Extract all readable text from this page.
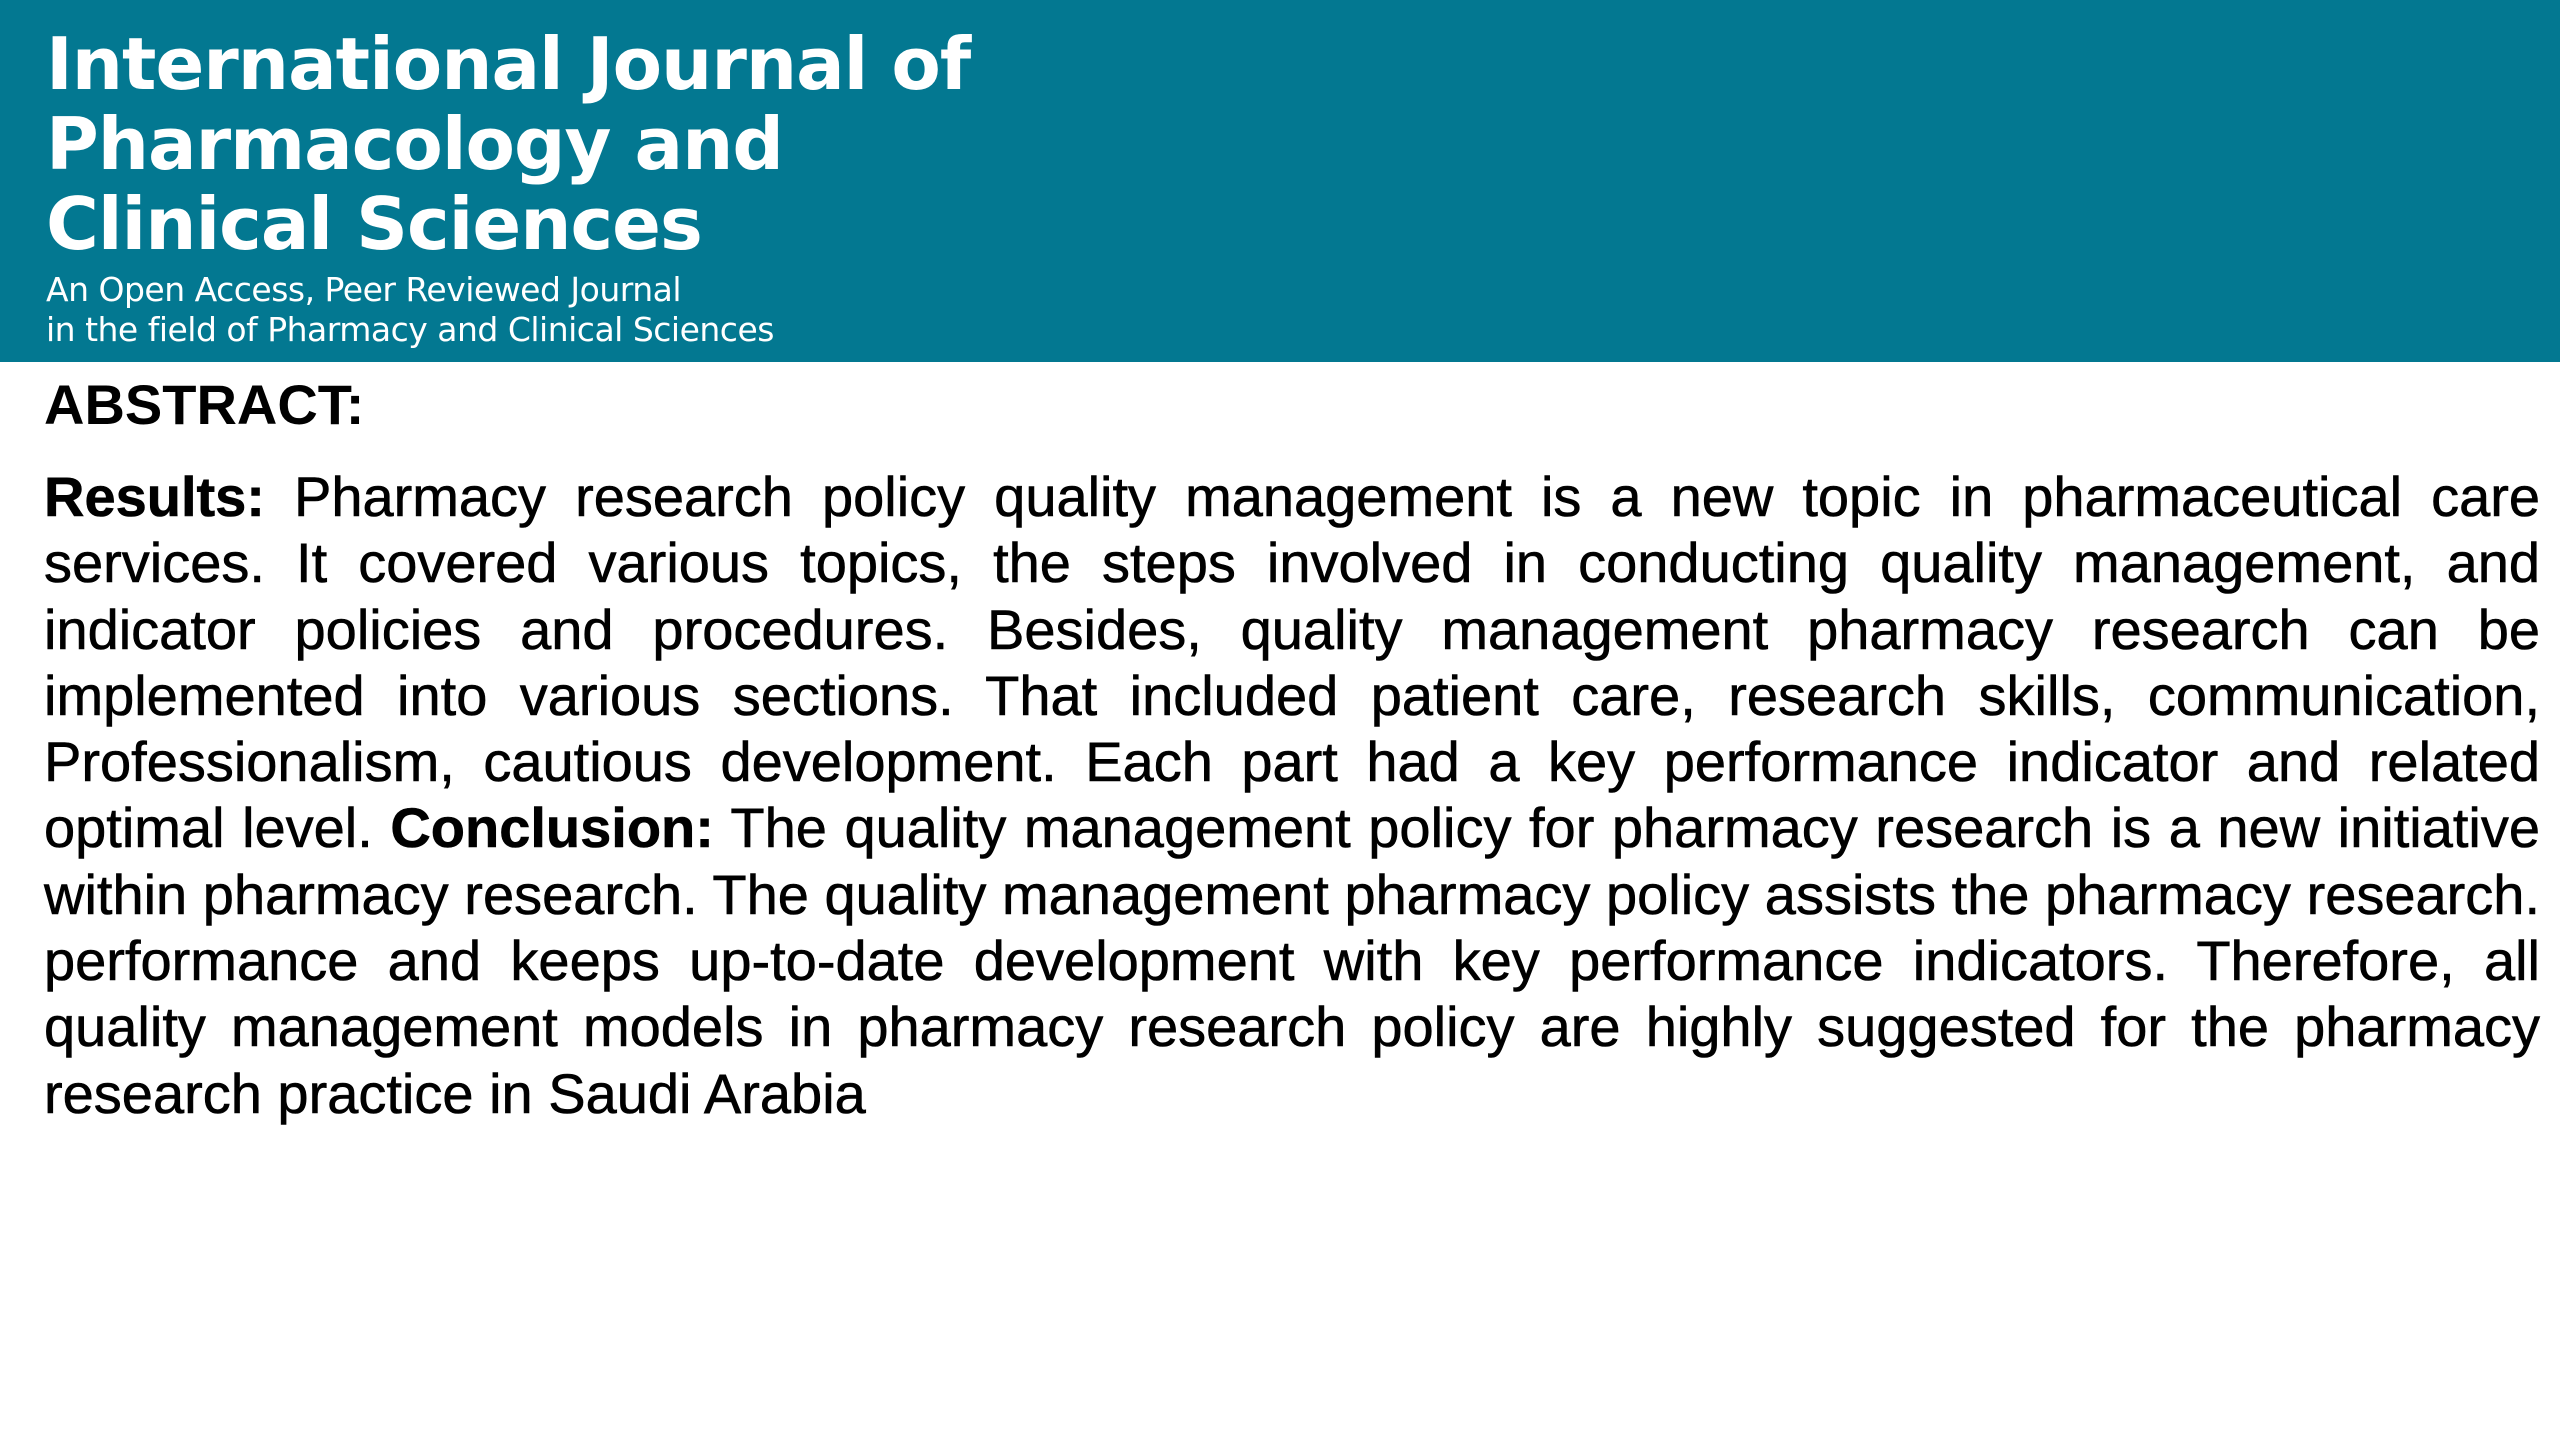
International Journal of
Pharmacology and
Clinical Sciences

An Open Access, Peer Reviewed Journal
in the field of Pharmacy and Clinical Sciences

ABSTRACT:

Results: Pharmacy research policy quality management is a new topic in pharmaceutical care services. It covered various topics, the steps involved in conducting quality management, and indicator policies and procedures. Besides, quality management pharmacy research can be implemented into various sections. That included patient care, research skills, communication, Professionalism, cautious development. Each part had a key performance indicator and related optimal level. Conclusion: The quality management policy for pharmacy research is a new initiative within pharmacy research. The quality management pharmacy policy assists the pharmacy research. performance and keeps up-to-date development with key performance indicators. Therefore, all quality management models in pharmacy research policy are highly suggested for the pharmacy research practice in Saudi Arabia
